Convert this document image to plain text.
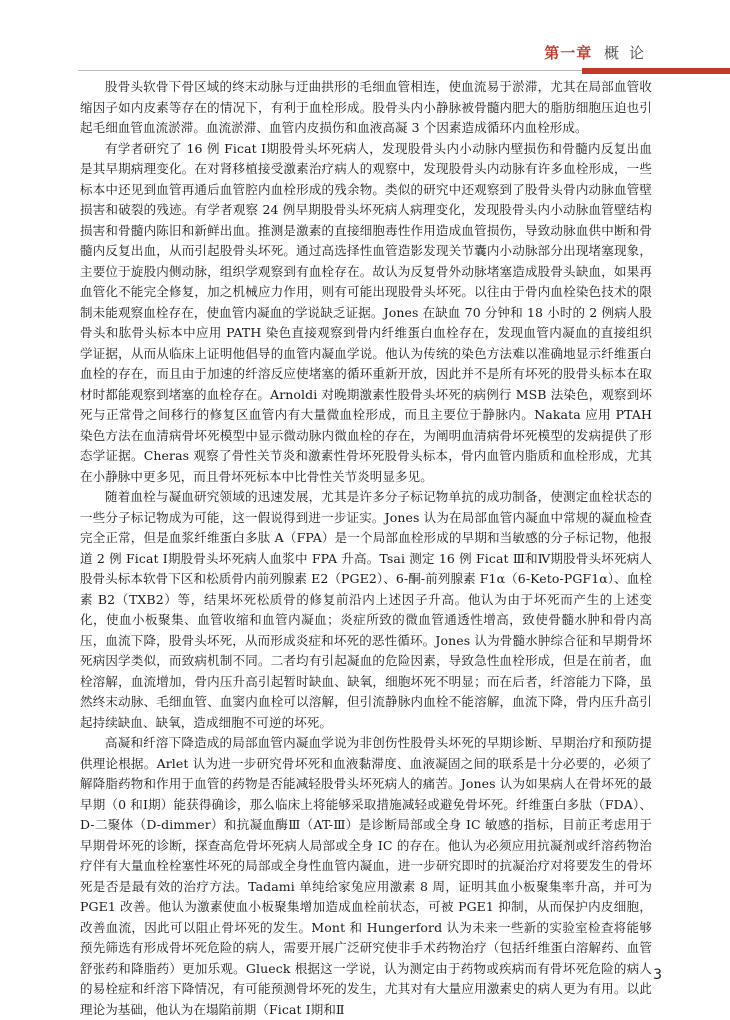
第一章 概论

股骨头软骨下骨区域的终末动脉与迂曲拱形的毛细血管相连，使血流易于淤滞，尤其在局部血管收缩因子如内皮素等存在的情况下，有利于血栓形成。股骨头内小静脉被骨髓内肥大的脂肪细胞压迫也引起毛细血管血流淤滞。血流淤滞、血管内皮损伤和血液高凝 3 个因素造成循环内血栓形成。

有学者研究了 16 例 Ficat Ⅰ期股骨头坏死病人，发现股骨头内小动脉内壁损伤和骨髓内反复出血是其早期病理变化。在对肾移植接受激素治疗病人的观察中，发现股骨头内动脉有许多血栓形成，一些标本中还见到血管再通后血管腔内血栓形成的残余物。类似的研究中还观察到了股骨头骨内动脉血管壁损害和破裂的残迹。有学者观察 24 例早期股骨头坏死病人病理变化，发现股骨头内小动脉血管壁结构损害和骨髓内陈旧和新鲜出血。推测是激素的直接细胞毒性作用造成血管损伤，导致动脉血供中断和骨髓内反复出血，从而引起股骨头坏死。通过高选择性血管造影发现关节囊内小动脉部分出现堵塞现象，主要位于旋股内侧动脉，组织学观察到有血栓存在。故认为反复骨外动脉堵塞造成股骨头缺血，如果再血管化不能完全修复，加之机械应力作用，则有可能出现股骨头坏死。以往由于骨内血栓染色技术的限制未能观察血栓存在，使血管内凝血的学说缺乏证据。Jones 在缺血 70 分钟和 18 小时的 2 例病人股骨头和肱骨头标本中应用 PATH 染色直接观察到骨内纤维蛋白血栓存在，发现血管内凝血的直接组织学证据，从而从临床上证明他倡导的血管内凝血学说。他认为传统的染色方法难以准确地显示纤维蛋白血栓的存在，而且由于加速的纤溶反应使堵塞的循环重新开放，因此并不是所有坏死的股骨头标本在取材时都能观察到堵塞的血栓存在。Arnoldi 对晚期激素性股骨头坏死的病例行 MSB 法染色，观察到坏死与正常骨之间移行的修复区血管内有大量微血栓形成，而且主要位于静脉内。Nakata 应用 PTAH 染色方法在血清病骨坏死模型中显示微动脉内微血栓的存在，为阐明血清病骨坏死模型的发病提供了形态学证据。Cheras 观察了骨性关节炎和激素性骨坏死股骨头标本，骨内血管内脂质和血栓形成，尤其在小静脉中更多见，而且骨坏死标本中比骨性关节炎明显多见。

随着血栓与凝血研究领域的迅速发展，尤其是许多分子标记物单抗的成功制备，使测定血栓状态的一些分子标记物成为可能，这一假说得到进一步证实。Jones 认为在局部血管内凝血中常规的凝血检查完全正常，但是血浆纤维蛋白多肽 A（FPA）是一个局部血栓形成的早期和当敏感的分子标记物，他报道 2 例 Ficat Ⅰ期股骨头坏死病人血浆中 FPA 升高。Tsai 测定 16 例 Ficat Ⅲ和Ⅳ期股骨头坏死病人股骨头标本软骨下区和松质骨内前列腺素 E2（PGE2）、6-酮-前列腺素 F1α（6-Keto-PGF1α）、血栓素 B2（TXB2）等，结果坏死松质骨的修复前沿内上述因子升高。他认为由于坏死而产生的上述变化，使血小板聚集、血管收缩和血管内凝血；炎症所致的微血管通透性增高，致使骨髓水肿和骨内高压，血流下降，股骨头坏死，从而形成炎症和坏死的恶性循环。Jones 认为骨髓水肿综合征和早期骨坏死病因学类似，而致病机制不同。二者均有引起凝血的危险因素，导致急性血栓形成，但是在前者，血栓溶解，血流增加，骨内压升高引起暂时缺血、缺氧，细胞坏死不明显；而在后者，纤溶能力下降，虽然终末动脉、毛细血管、血窦内血栓可以溶解，但引流静脉内血栓不能溶解，血流下降，骨内压升高引起持续缺血、缺氧，造成细胞不可逆的坏死。

高凝和纤溶下降造成的局部血管内凝血学说为非创伤性股骨头坏死的早期诊断、早期治疗和预防提供理论根据。Arlet 认为进一步研究骨坏死和血液黏滞度、血液凝固之间的联系是十分必要的，必须了解降脂药物和作用于血管的药物是否能减轻股骨头坏死病人的痛苦。Jones 认为如果病人在骨坏死的最早期（0 和Ⅰ期）能获得确诊，那么临床上将能够采取措施减轻或避免骨坏死。纤维蛋白多肽（FDA）、D-二聚体（D-dimmer）和抗凝血酶Ⅲ（AT-Ⅲ）是诊断局部或全身 IC 敏感的指标，目前正考虑用于早期骨坏死的诊断，探查高危骨坏死病人局部或全身 IC 的存在。他认为必须应用抗凝剂或纤溶药物治疗伴有大量血栓栓塞性坏死的局部或全身性血管内凝血，进一步研究即时的抗凝治疗对将要发生的骨坏死是否是最有效的治疗方法。Tadami 单纯给家兔应用激素 8 周，证明其血小板聚集率升高，并可为 PGE1 改善。他认为激素使血小板聚集增加造成血栓前状态，可被 PGE1 抑制，从而保护内皮细胞，改善血流，因此可以阻止骨坏死的发生。Mont 和 Hungerford 认为未来一些新的实验室检查将能够预先筛选有形成骨坏死危险的病人，需要开展广泛研究使非手术药物治疗（包括纤维蛋白溶解药、血管舒张药和降脂药）更加乐观。Glueck 根据这一学说，认为测定由于药物或疾病而有骨坏死危险的病人的易栓症和纤溶下降情况，有可能预测骨坏死的发生，尤其对有大量应用激素史的病人更为有用。以此理论为基础，他认为在塌陷前期（Ficat Ⅰ期和Ⅱ

3
